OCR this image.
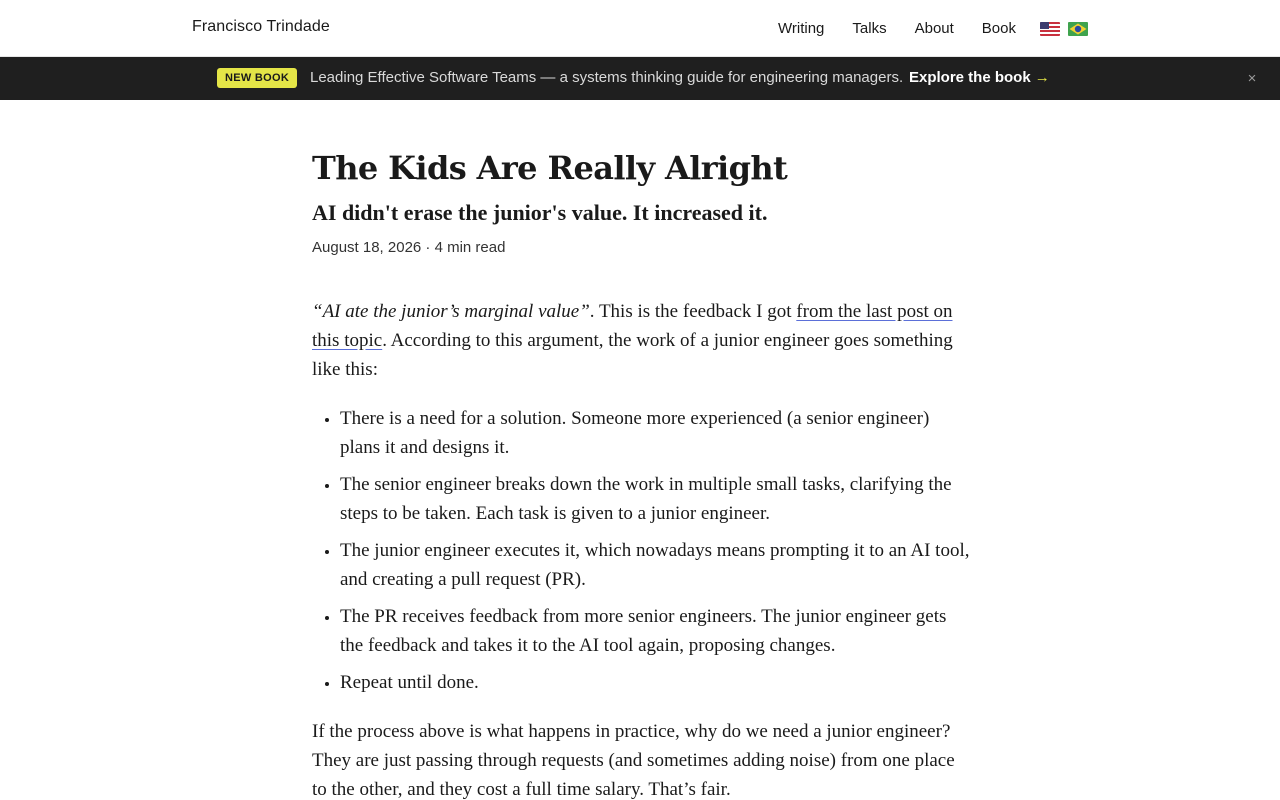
Francisco Trindade	Writing Talks About Book
NEW BOOK	Leading Effective Software Teams — a systems thinking guide for engineering managers. Explore the book →	×
The Kids Are Really Alright
AI didn't erase the junior's value. It increased it.
August 18, 2026 · 4 min read

“AI ate the junior’s marginal value”. This is the feedback I got from the last post on this topic. According to this argument, the work of a junior engineer goes something like this:

• There is a need for a solution. Someone more experienced (a senior engineer) plans it and designs it.
• The senior engineer breaks down the work in multiple small tasks, clarifying the steps to be taken. Each task is given to a junior engineer.
• The junior engineer executes it, which nowadays means prompting it to an AI tool, and creating a pull request (PR).
• The PR receives feedback from more senior engineers. The junior engineer gets the feedback and takes it to the AI tool again, proposing changes.
• Repeat until done.

If the process above is what happens in practice, why do we need a junior engineer? They are just passing through requests (and sometimes adding noise) from one place to the other, and they cost a full time salary. That’s fair.
